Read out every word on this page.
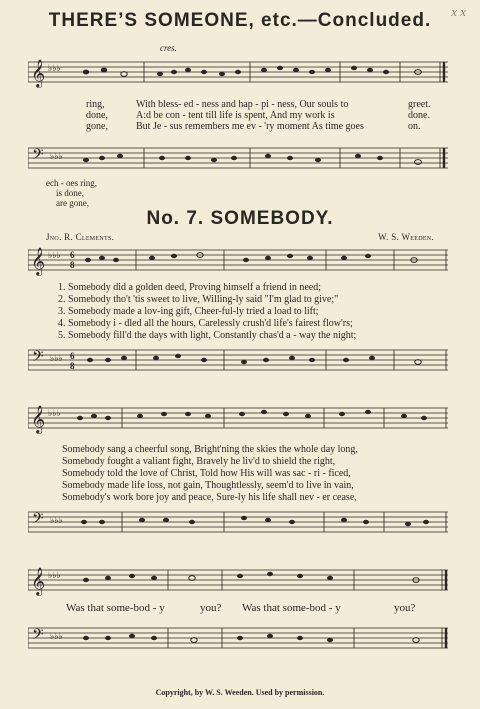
x x
THERE’S SOMEONE, etc.—Concluded.
cres.
𝄞 ♭♭♭
ring,	With bless- ed - ness and hap - pi - ness, Our souls to	greet.
done,	A:d be con - tent till life is spent, And my work is	done.
gone,	But Je - sus remembers me ev - 'ry moment As time goes	on.
𝄢 ♭♭♭
ech - oes ring,
is done,
are gone,
No. 7. SOMEBODY.
Jno. R. Clements.	W. S. Weeden.
𝄞 ♭♭♭ 6
8
1. Somebody did a golden deed, Proving himself a friend in need;
2. Somebody tho't 'tis sweet to live, Willing-ly said "I'm glad to give;"
3. Somebody made a lov-ing gift, Cheer-ful-ly tried a load to lift;
4. Somebody i - dled all the hours, Carelessly crush'd life's fairest flow'rs;
5. Somebody fill'd the days with light, Constantly chas'd a - way the night;
𝄢 ♭♭♭ 6
8
𝄞 ♭♭♭
Somebody sang a cheerful song, Bright'ning the skies the whole day long,
Somebody fought a valiant fight, Bravely he liv'd to shield the right,
Somebody told the love of Christ, Told how His will was sac - ri - ficed,
Somebody made life loss, not gain, Thoughtlessly, seem'd to live in vain,
Somebody's work bore joy and peace, Sure-ly his life shall nev - er cease,
𝄢 ♭♭♭
𝄞 ♭♭♭
Was that some-bod - y	you?	Was that some-bod - y	you?
𝄢 ♭♭♭
Copyright, by W. S. Weeden. Used by permission.
